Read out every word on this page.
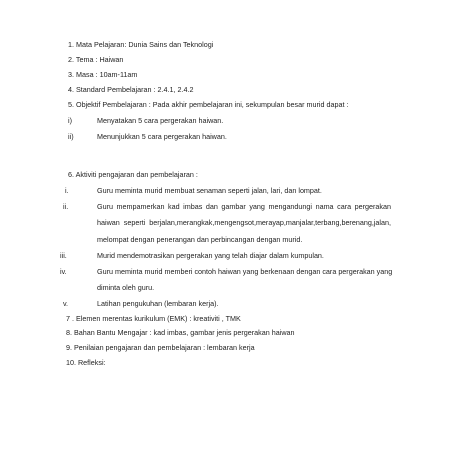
1. Mata Pelajaran: Dunia Sains dan Teknologi
2. Tema : Haiwan
3. Masa : 10am-11am
4. Standard Pembelajaran : 2.4.1, 2.4.2
5. Objektif Pembelajaran : Pada akhir pembelajaran ini, sekumpulan besar murid dapat :
i)	Menyatakan 5 cara pergerakan haiwan.
ii)	Menunjukkan 5 cara pergerakan haiwan.
6. Aktiviti pengajaran dan pembelajaran :
i.	Guru meminta murid membuat senaman seperti jalan, lari, dan lompat.
ii.	Guru mempamerkan kad imbas dan gambar yang mengandungi nama cara pergerakan
haiwan seperti berjalan,merangkak,mengengsot,merayap,manjalar,terbang,berenang,jalan,
melompat dengan penerangan dan perbincangan dengan murid.
iii.	Murid mendemotrasikan pergerakan yang telah diajar dalam kumpulan.
iv.	Guru meminta murid memberi contoh haiwan yang berkenaan dengan cara pergerakan yang
diminta oleh guru.
v.	Latihan pengukuhan (lembaran kerja).
7 . Elemen merentas kurikulum (EMK) : kreativiti , TMK
8. Bahan Bantu Mengajar : kad imbas, gambar jenis pergerakan haiwan
9. Penilaian pengajaran dan pembelajaran : lembaran kerja
10. Refleksi:
